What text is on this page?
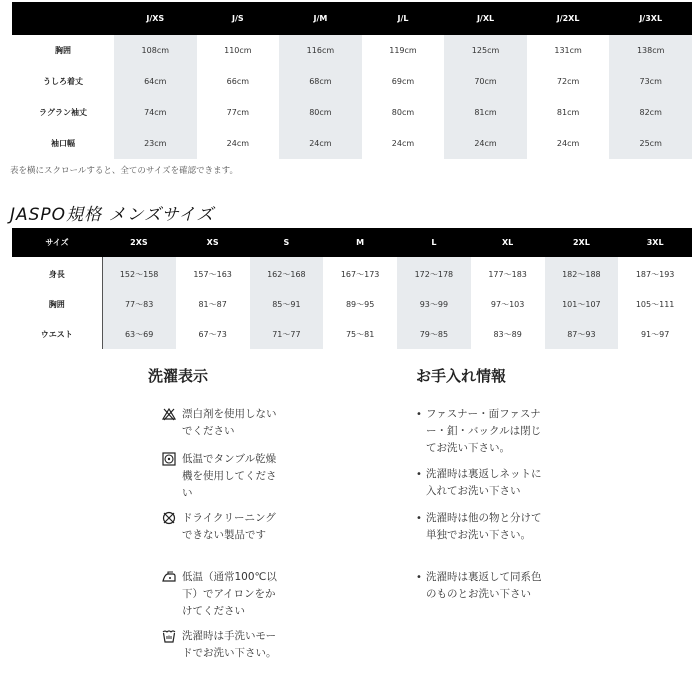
	J/XS	J/S	J/M	J/L	J/XL	J/2XL	J/3XL
胸囲	108cm	110cm	116cm	119cm	125cm	131cm	138cm
うしろ着丈	64cm	66cm	68cm	69cm	70cm	72cm	73cm
ラグラン袖丈	74cm	77cm	80cm	80cm	81cm	81cm	82cm
袖口幅	23cm	24cm	24cm	24cm	24cm	24cm	25cm

表を横にスクロールすると、全てのサイズを確認できます。

JASPO規格 メンズサイズ
サイズ	2XS	XS	S	M	L	XL	2XL	3XL
身長	152〜158	157〜163	162〜168	167〜173	172〜178	177〜183	182〜188	187〜193
胸囲	77〜83	81〜87	85〜91	89〜95	93〜99	97〜103	101〜107	105〜111
ウエスト	63〜69	67〜73	71〜77	75〜81	79〜85	83〜89	87〜93	91〜97
洗濯表示
漂白剤を使用しないでください
低温でタンブル乾燥機を使用してください
ドライクリーニングできない製品です
低温（通常100℃以下）でアイロンをかけてください
洗濯時は手洗いモードでお洗い下さい。
お手入れ情報
• ファスナー・面ファスナー・釦・バックルは閉じてお洗い下さい。
• 洗濯時は裏返しネットに入れてお洗い下さい
• 洗濯時は他の物と分けて単独でお洗い下さい。
• 洗濯時は裏返して同系色のものとお洗い下さい
